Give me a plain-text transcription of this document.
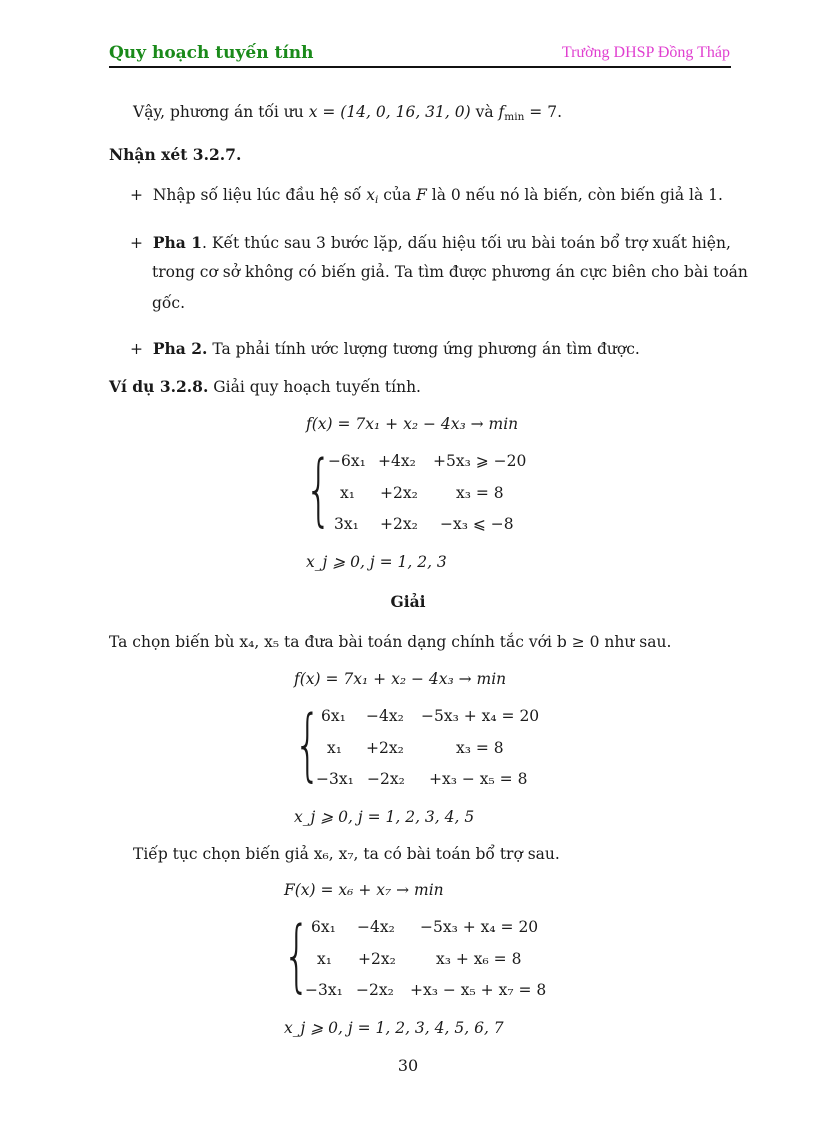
Quy hoạch tuyến tính	Trường DHSP Đồng Tháp
Vậy, phương án tối ưu x = (14, 0, 16, 31, 0) và $f_{min} = 7$.
Nhận xét 3.2.7.
+ Nhập số liệu lúc đầu hệ số $x_i$ của F là 0 nếu nó là biến, còn biến giả là 1.
+ Pha 1. Kết thúc sau 3 bước lặp, dấu hiệu tối ưu bài toán bổ trợ xuất hiện,
trong cơ sở không có biến giả. Ta tìm được phương án cực biên cho bài toán
gốc.
+ Pha 2. Ta phải tính ước lượng tương ứng phương án tìm được.
Ví dụ 3.2.8. Giải quy hoạch tuyến tính.
f(x) = 7x₁ + x₂ − 4x₃ → min
{
−6x₁ +4x₂ +5x₃ ⩾ −20
x₁ +2x₂ x₃ = 8
3x₁ +2x₂ −x₃ ⩽ −8
x_j ⩾ 0, j = 1, 2, 3
Giải
Ta chọn biến bù x₄, x₅ ta đưa bài toán dạng chính tắc với b ≥ 0 như sau.
f(x) = 7x₁ + x₂ − 4x₃ → min
{ 6x₁ −4x₂ −5x₃ + x₄ = 20
x₁ +2x₂	x₃ = 8
−3x₁ −2x₂ +x₃ − x₅ = 8
x_j ⩾ 0, j = 1, 2, 3, 4, 5
Tiếp tục chọn biến giả x₆, x₇, ta có bài toán bổ trợ sau.
F(x) = x₆ + x₇ → min
{ 6x₁ −4x₂ −5x₃ + x₄ = 20
x₁ +2x₂	x₃ + x₆ = 8
−3x₁ −2x₂ +x₃ − x₅ + x₇ = 8
x_j ⩾ 0, j = 1, 2, 3, 4, 5, 6, 7
30
